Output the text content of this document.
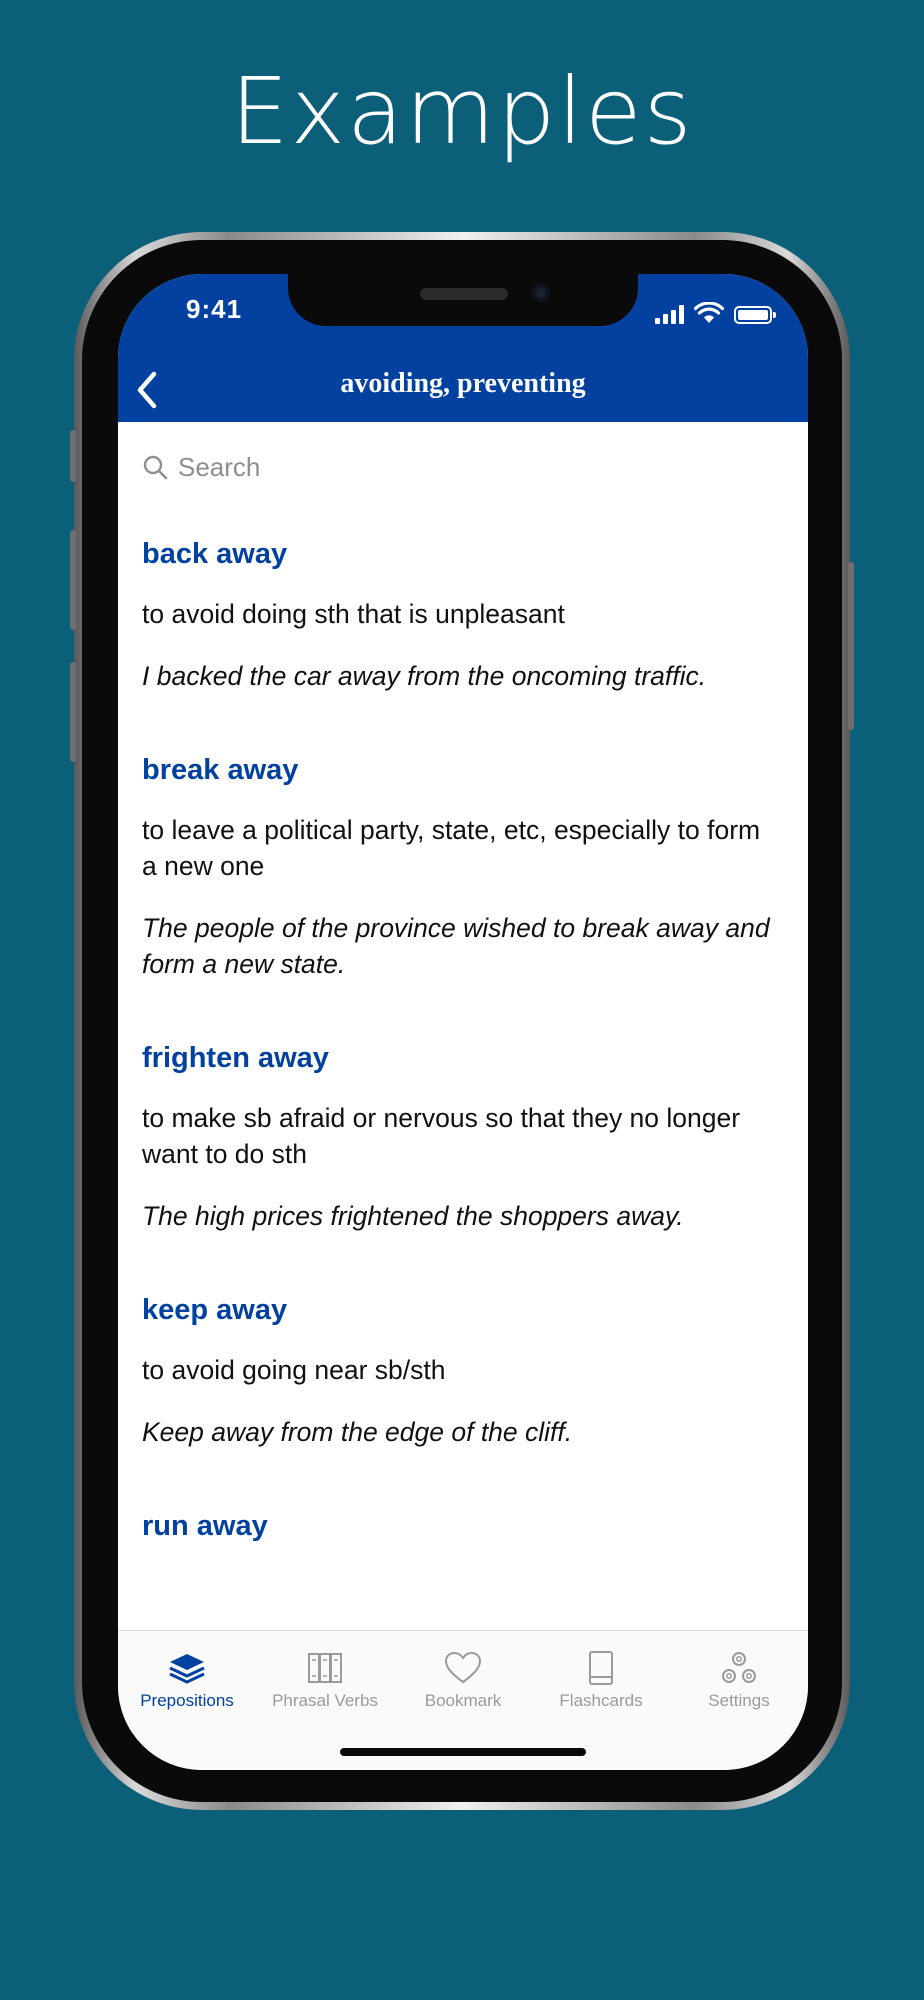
Examples
9:41
avoiding, preventing
Search
back away
to avoid doing sth that is unpleasant
I backed the car away from the oncoming traffic.
break away
to leave a political party, state, etc, especially to form a new one
The people of the province wished to break away and form a new state.
frighten away
to make sb afraid or nervous so that they no longer want to do sth
The high prices frightened the shoppers away.
keep away
to avoid going near sb/sth
Keep away from the edge of the cliff.
run away
Prepositions	Phrasal Verbs	Bookmark	Flashcards	Settings
